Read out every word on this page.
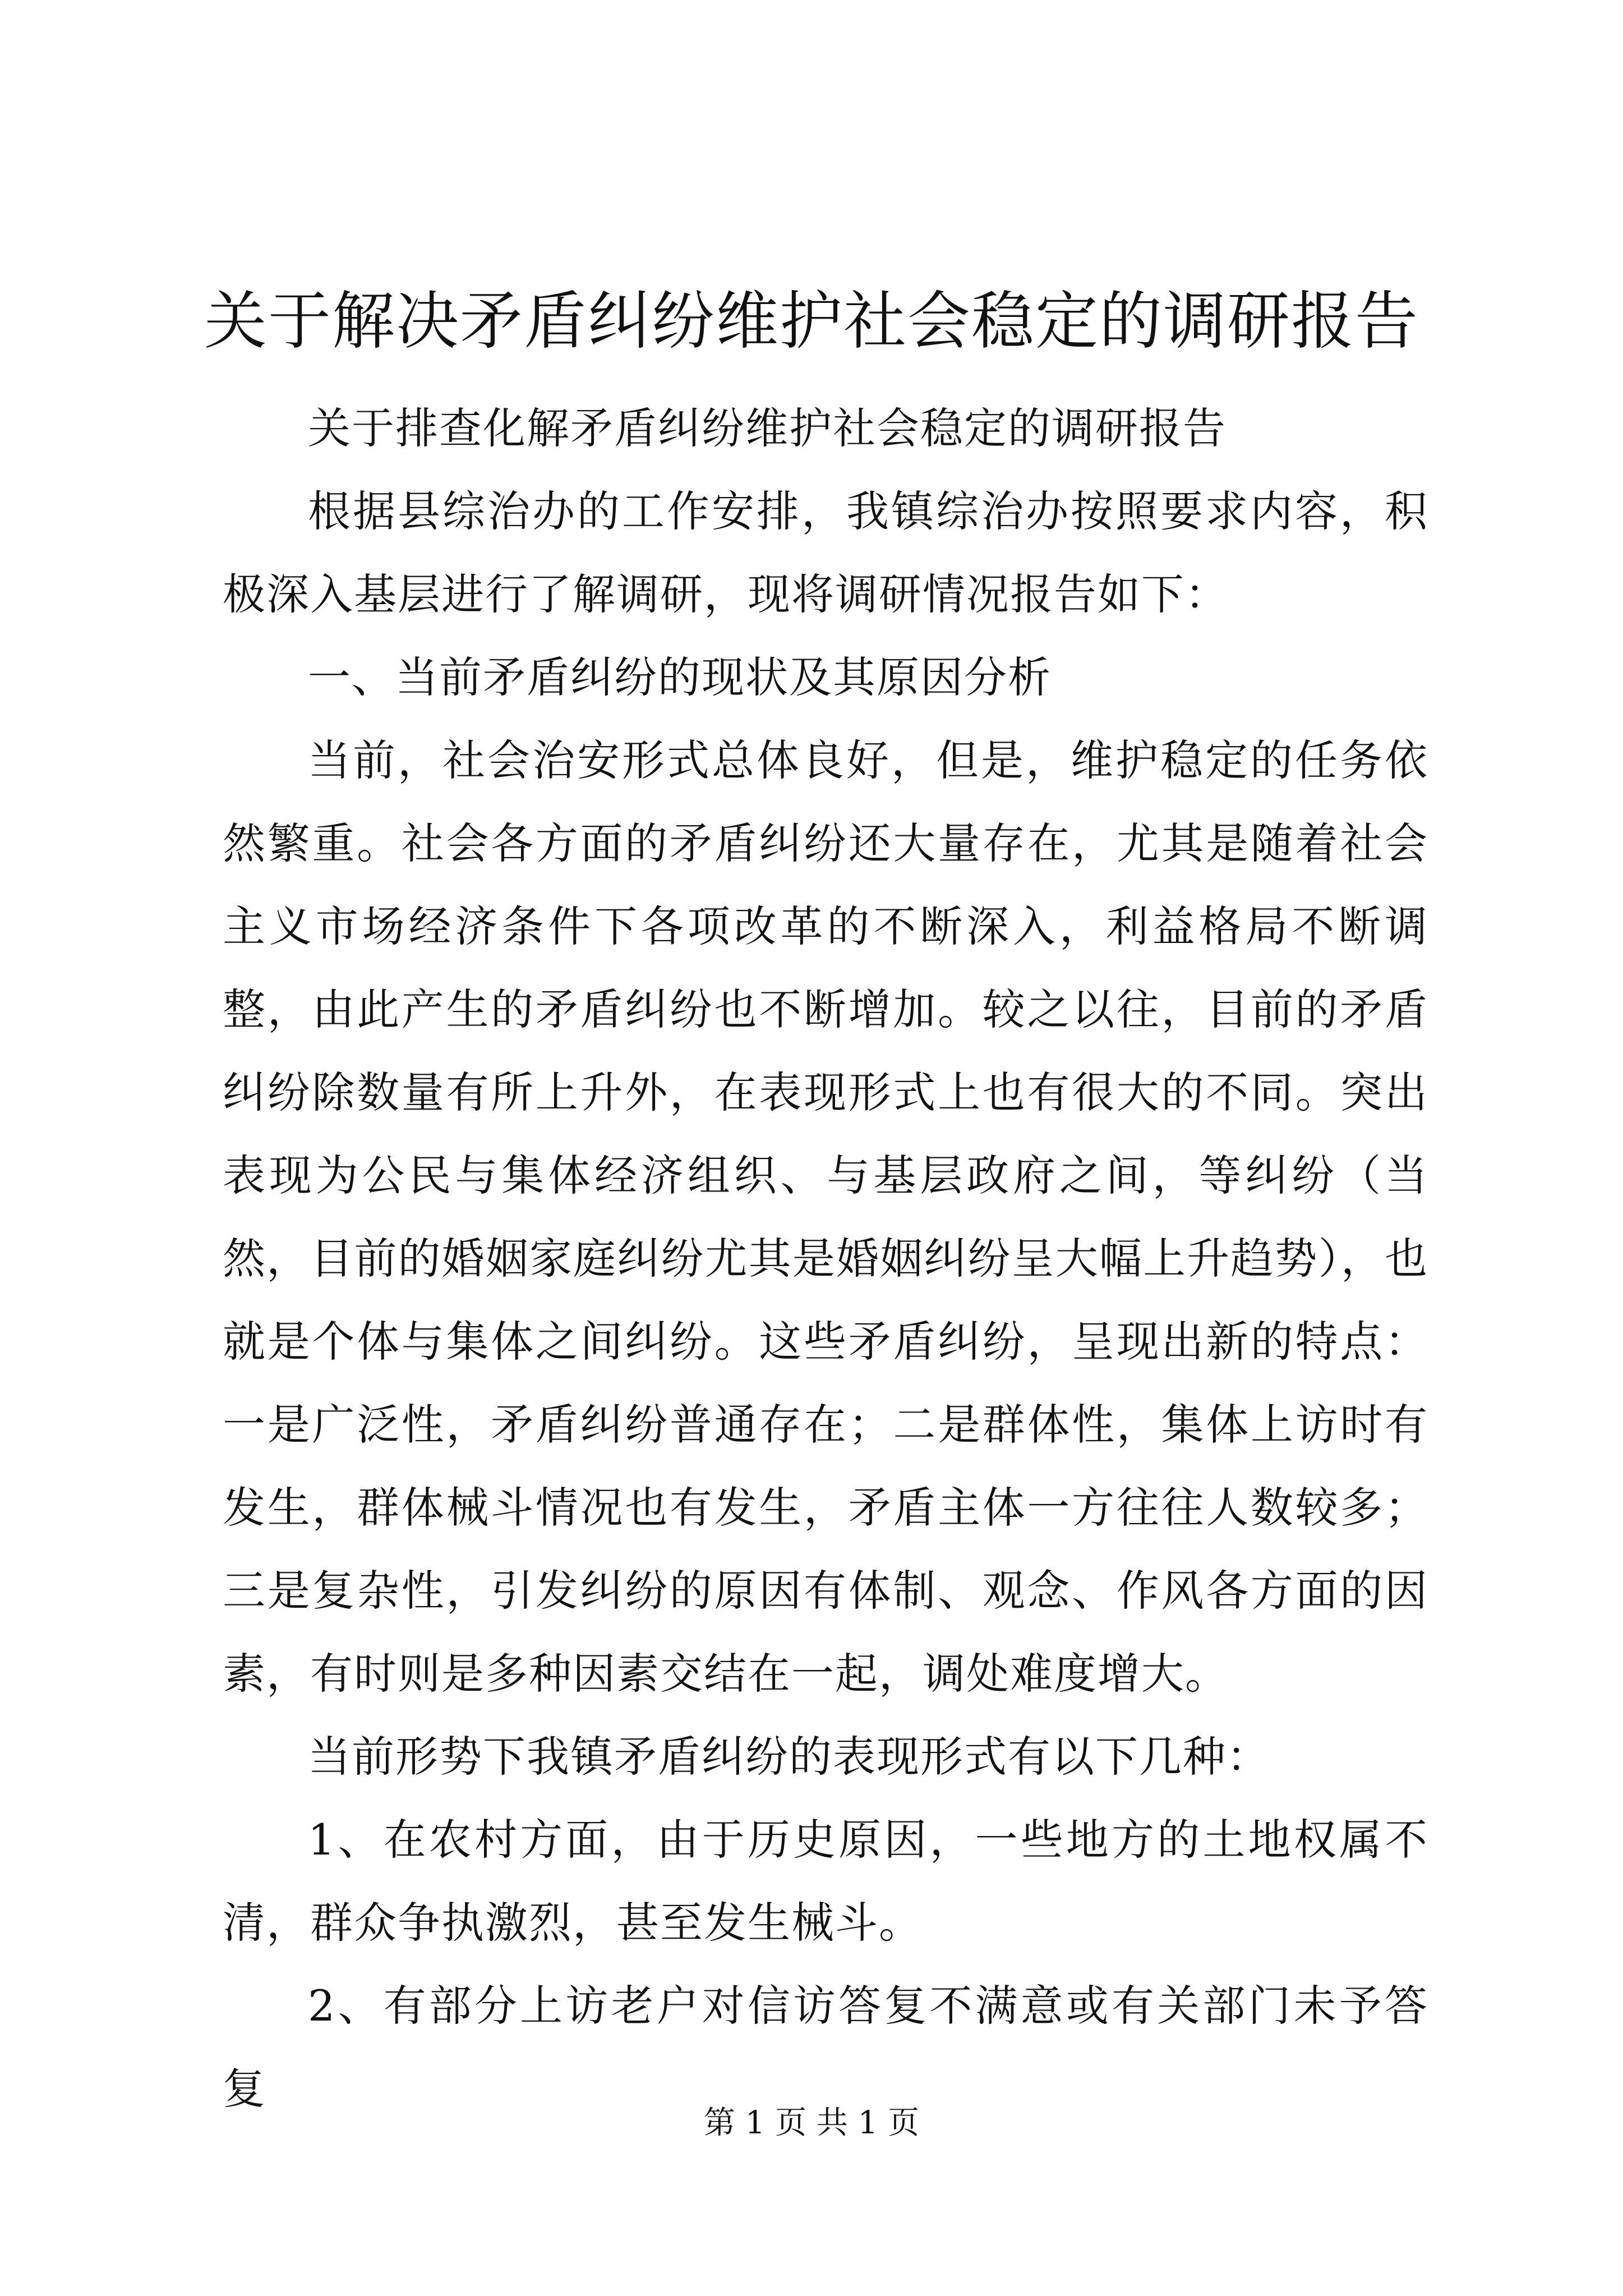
关于解决矛盾纠纷维护社会稳定的调研报告

关于排查化解矛盾纠纷维护社会稳定的调研报告

根据县综治办的工作安排，我镇综治办按照要求内容，积极深入基层进行了解调研，现将调研情况报告如下：

一、当前矛盾纠纷的现状及其原因分析

当前，社会治安形式总体良好，但是，维护稳定的任务依然繁重。社会各方面的矛盾纠纷还大量存在，尤其是随着社会主义市场经济条件下各项改革的不断深入，利益格局不断调整，由此产生的矛盾纠纷也不断增加。较之以往，目前的矛盾纠纷除数量有所上升外，在表现形式上也有很大的不同。突出表现为公民与集体经济组织、与基层政府之间，等纠纷（当然，目前的婚姻家庭纠纷尤其是婚姻纠纷呈大幅上升趋势），也就是个体与集体之间纠纷。这些矛盾纠纷，呈现出新的特点：一是广泛性，矛盾纠纷普通存在；二是群体性，集体上访时有发生，群体械斗情况也有发生，矛盾主体一方往往人数较多；三是复杂性，引发纠纷的原因有体制、观念、作风各方面的因素，有时则是多种因素交结在一起，调处难度增大。

当前形势下我镇矛盾纠纷的表现形式有以下几种：

1、在农村方面，由于历史原因，一些地方的土地权属不清，群众争执激烈，甚至发生械斗。

2、有部分上访老户对信访答复不满意或有关部门未予答复

第 1 页 共 1 页
